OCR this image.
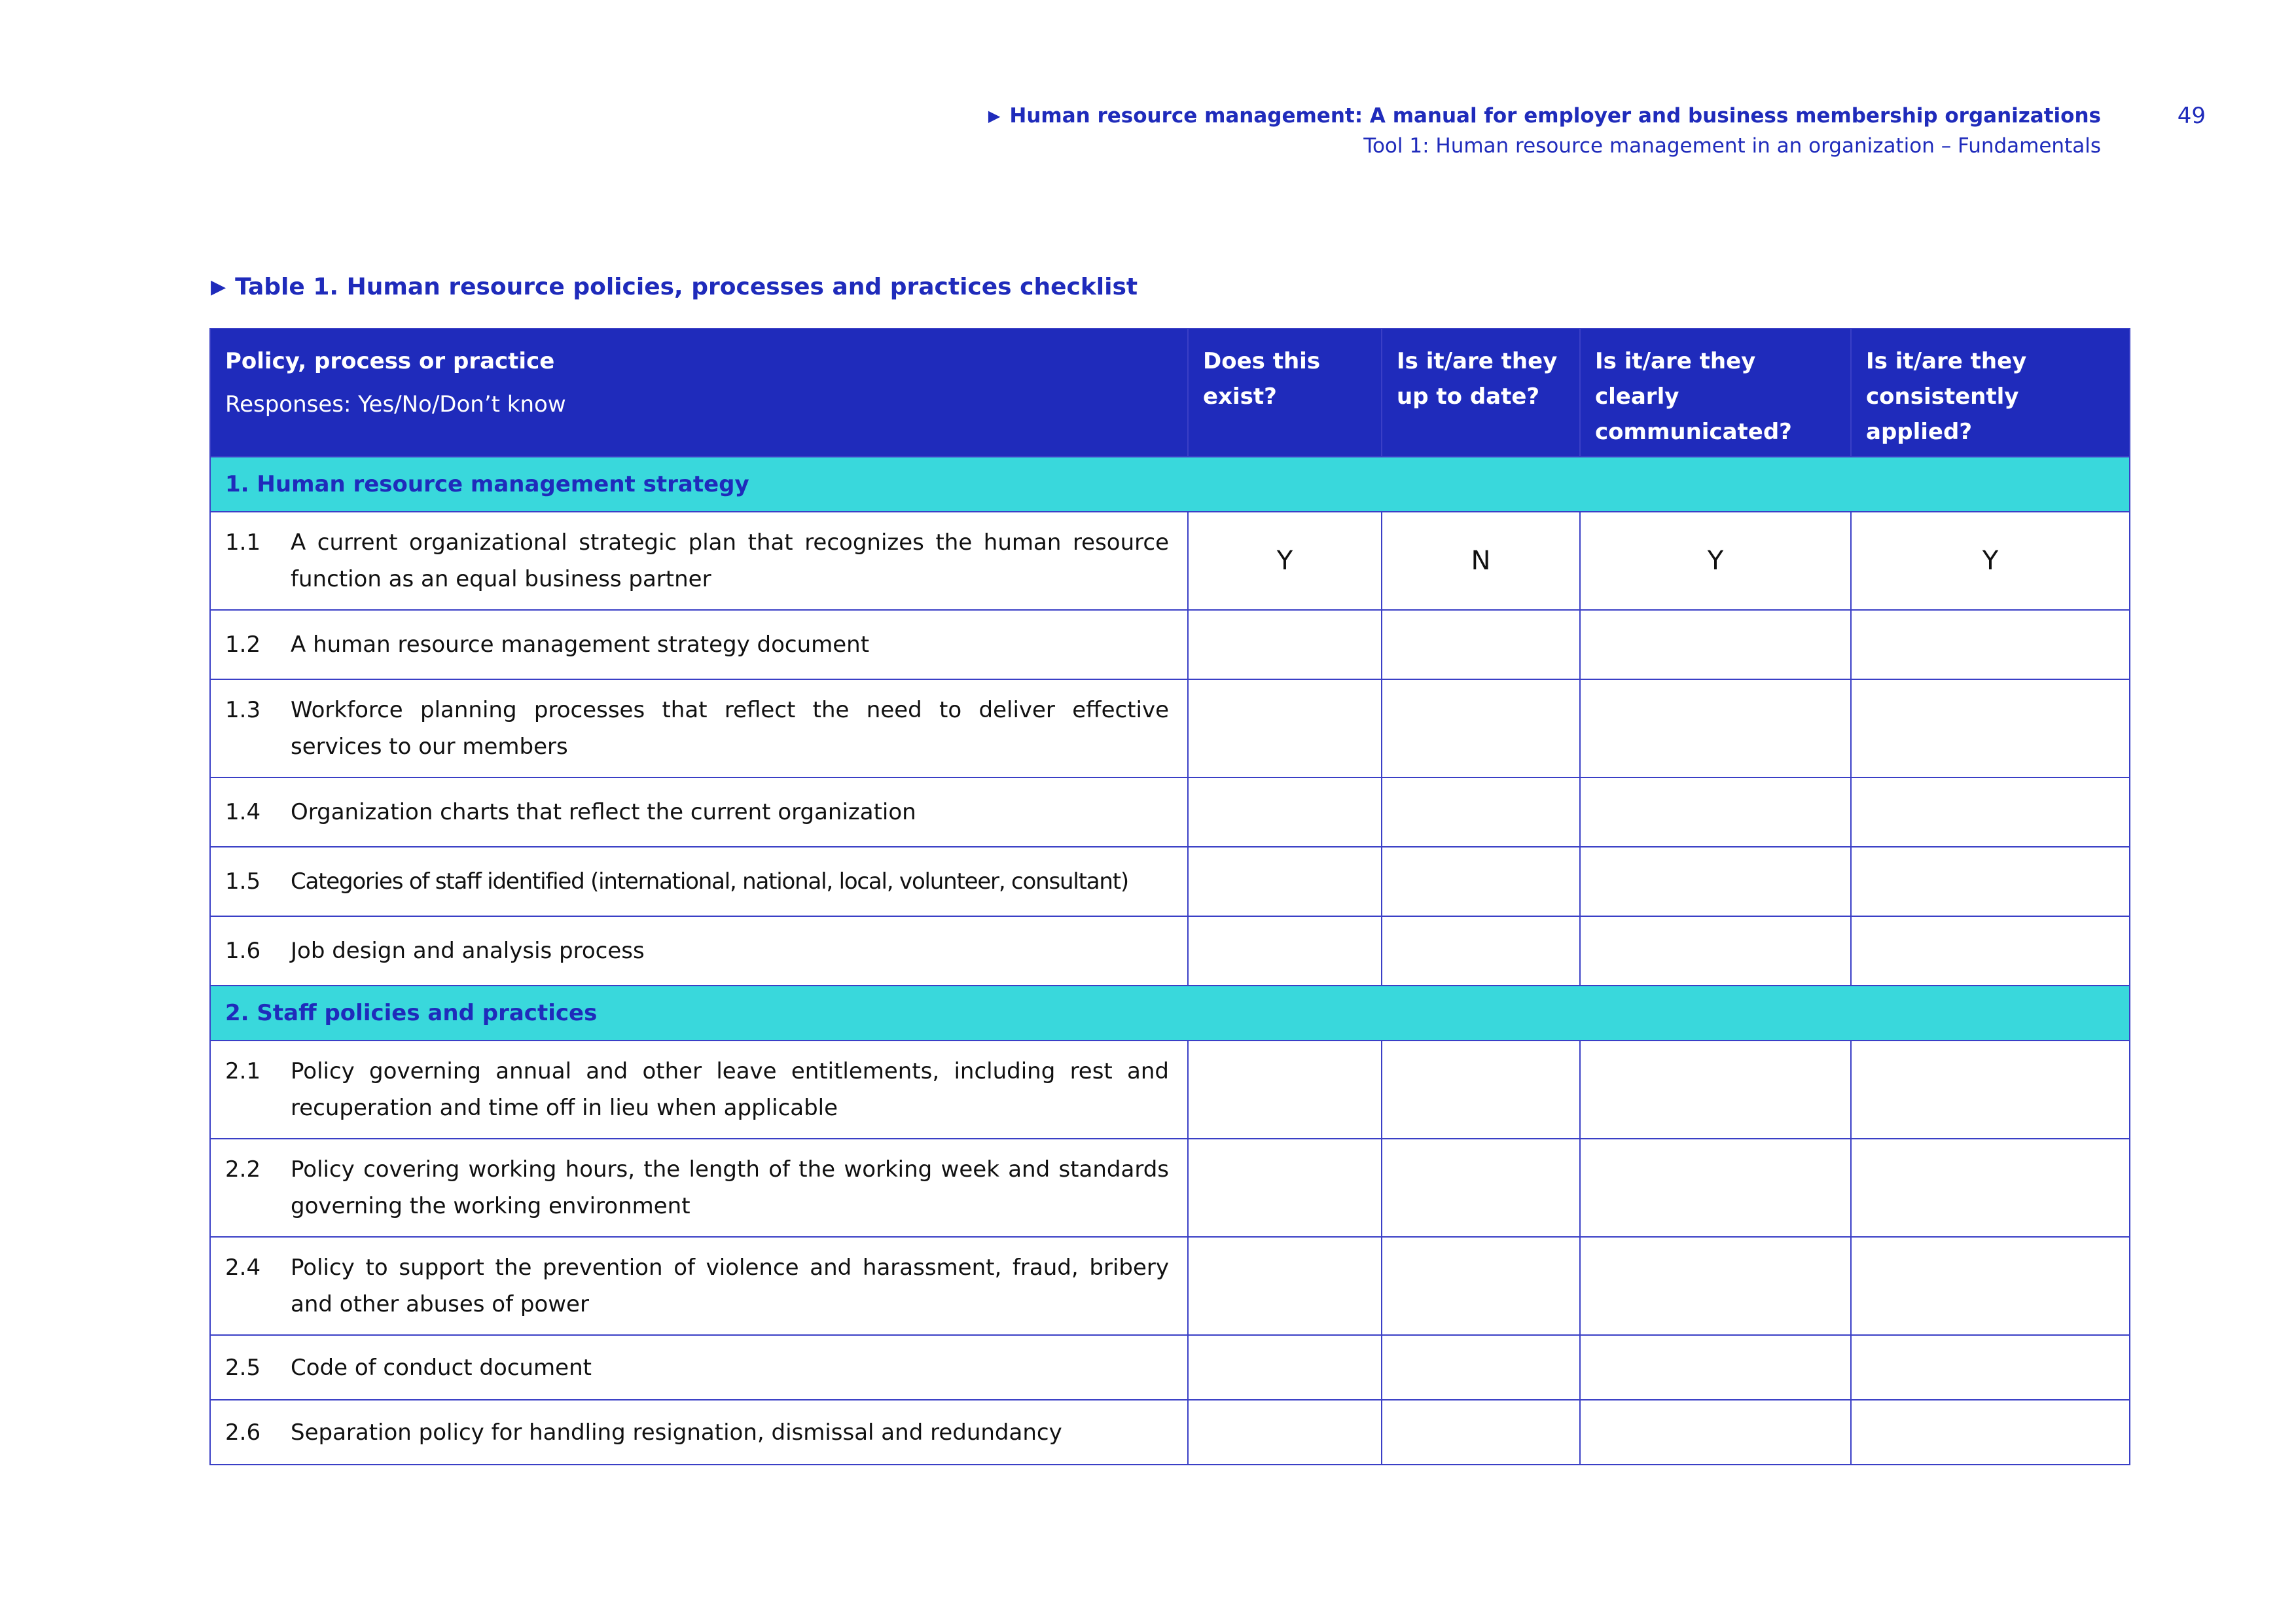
▶ Human resource management: A manual for employer and business membership organizations
Tool 1: Human resource management in an organization – Fundamentals
49
▶ Table 1. Human resource policies, processes and practices checklist
Policy, process or practice
Responses: Yes/No/Don’t know	Does this exist?	Is it/are they up to date?	Is it/are they clearly communicated?	Is it/are they consistently applied?
1. Human resource management strategy				

1.1 A current organizational strategic plan that recognizes the human resource function as an equal business partner	Y	N	Y	Y

1.2 A human resource management strategy document				

1.3 Workforce planning processes that reflect the need to deliver effective services to our members				

1.4 Organization charts that reflect the current organization				

1.5 Categories of staff identified (international, national, local, volunteer, consultant)				

1.6 Job design and analysis process				

2. Staff policies and practices				

2.1 Policy governing annual and other leave entitlements, including rest and recuperation and time off in lieu when applicable				

2.2 Policy covering working hours, the length of the working week and standards governing the working environment				

2.4 Policy to support the prevention of violence and harassment, fraud, bribery and other abuses of power				

2.5 Code of conduct document				

2.6 Separation policy for handling resignation, dismissal and redundancy				
